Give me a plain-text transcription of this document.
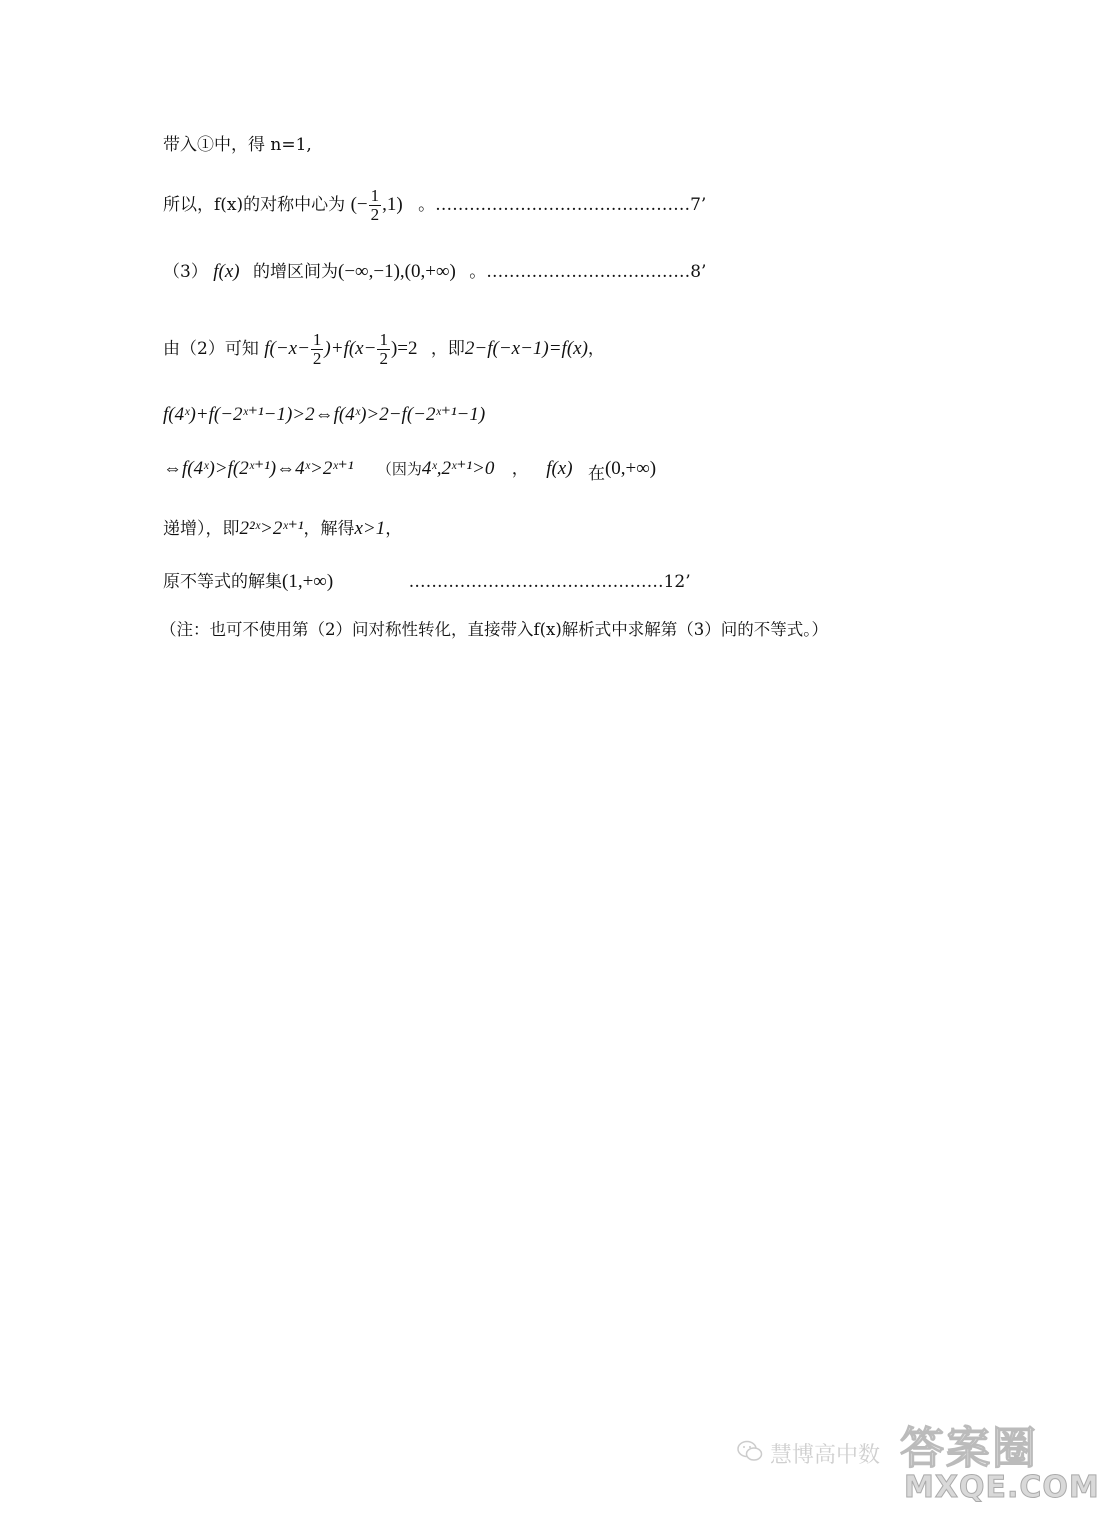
带入①中，得 n=1,
所以，f(x)的对称中心为 (− $\frac{1}{2} ,1$) 。………………………………………7’
（3） f(x) 的增区间为(−∞,−1),(0,+∞) 。………………………………8’
由（2）可知 $f(-x- \frac{1}{2} )+f(x- \frac{1}{2} )=2$ ，即2−f(−x−1)=f(x)，
f(4ˣ)+f(−2ˣ⁺¹−1)>2⇔f(4ˣ)>2−f(−2ˣ⁺¹−1)
⇔f(4ˣ)>f(2ˣ⁺¹)⇔4ˣ>2ˣ⁺¹ （因为4ˣ,2ˣ⁺¹>0 ， f(x) 在(0,+∞)
递增），即2²ˣ>2ˣ⁺¹，解得x>1，
原不等式的解集(1,+∞)	………………………………………12’
（注：也可不使用第（2）问对称性转化，直接带入f(x)解析式中求解第（3）问的不等式。）
慧博高中数 答案圈
MXQE.COM
